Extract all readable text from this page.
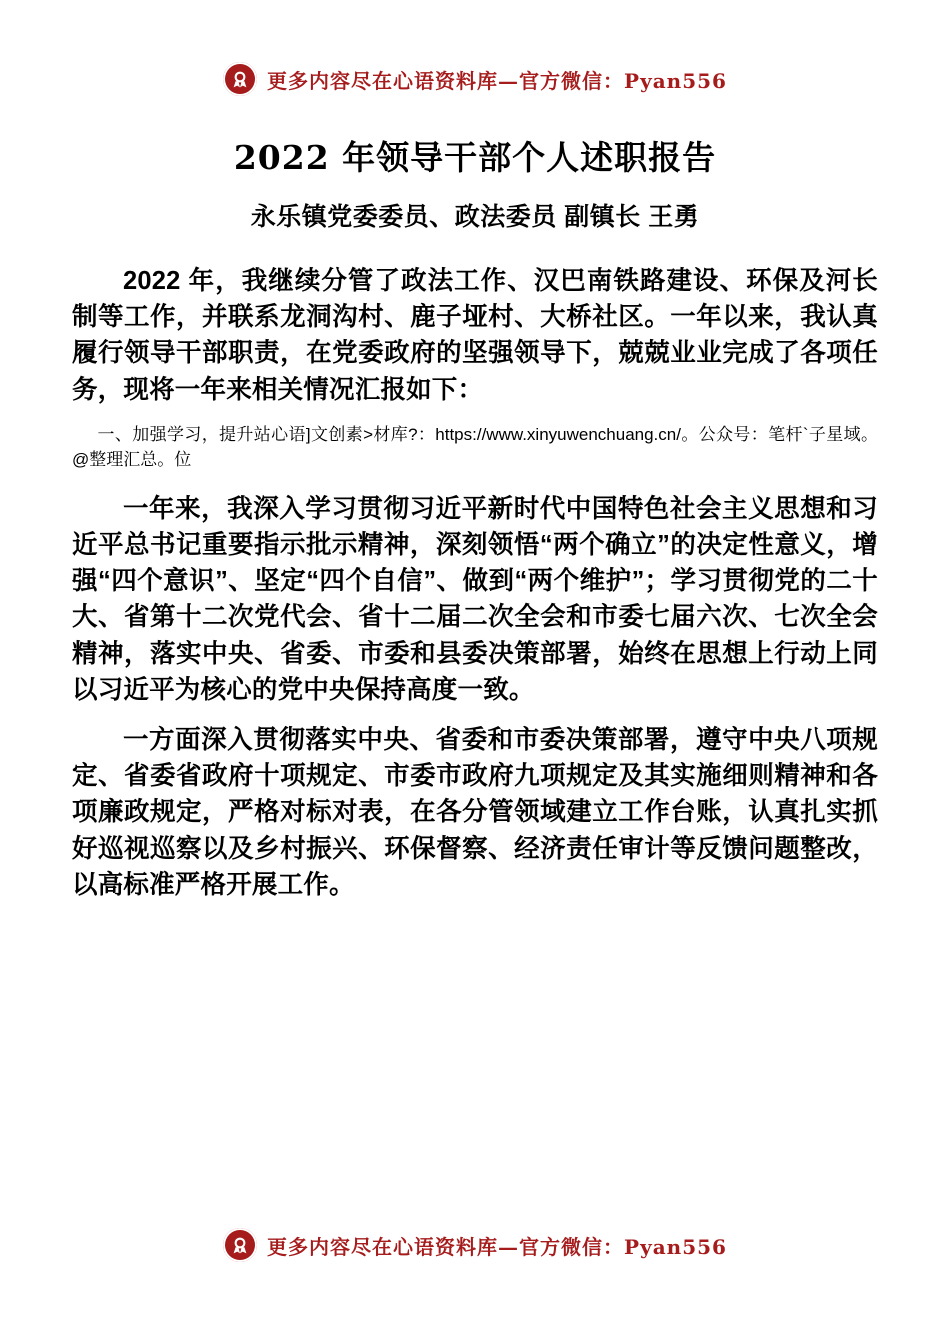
更多内容尽在心语资料库—官方微信：Pyan556
2022 年领导干部个人述职报告
永乐镇党委委员、政法委员 副镇长 王勇

2022 年，我继续分管了政法工作、汉巴南铁路建设、环保及河长制等工作，并联系龙洞沟村、鹿子垭村、大桥社区。一年以来，我认真履行领导干部职责，在党委政府的坚强领导下，兢兢业业完成了各项任务，现将一年来相关情况汇报如下：

一、加强学习，提升站心语]文创素>材库?：https://www.xinyuwenchuang.cn/。公众号：笔杆`子星域。@整理汇总。位

一年来，我深入学习贯彻习近平新时代中国特色社会主义思想和习近平总书记重要指示批示精神，深刻领悟“两个确立”的决定性意义，增强“四个意识”、坚定“四个自信”、做到“两个维护”；学习贯彻党的二十大、省第十二次党代会、省十二届二次全会和市委七届六次、七次全会精神，落实中央、省委、市委和县委决策部署，始终在思想上行动上同以习近平为核心的党中央保持高度一致。

一方面深入贯彻落实中央、省委和市委决策部署，遵守中央八项规定、省委省政府十项规定、市委市政府九项规定及其实施细则精神和各项廉政规定，严格对标对表，在各分管领域建立工作台账，认真扎实抓好巡视巡察以及乡村振兴、环保督察、经济责任审计等反馈问题整改，以高标准严格开展工作。

更多内容尽在心语资料库—官方微信：Pyan556
